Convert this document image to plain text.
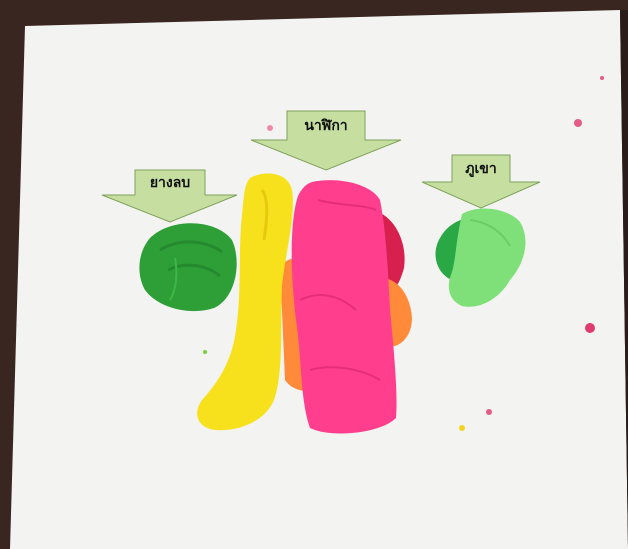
ยางลบ
นาฬิกา
ภูเขา
